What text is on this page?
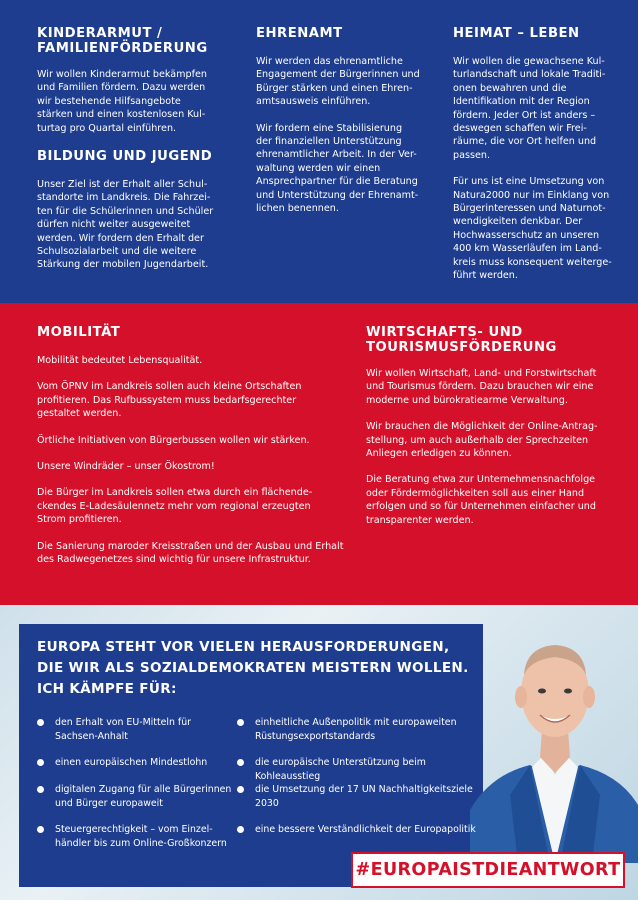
KINDERARMUT /
FAMILIENFÖRDERUNG

Wir wollen Kinderarmut bekämpfen
und Familien fördern. Dazu werden
wir bestehende Hilfsangebote
stärken und einen kostenlosen Kul-
turtag pro Quartal einführen.

BILDUNG UND JUGEND

Unser Ziel ist der Erhalt aller Schul-
standorte im Landkreis. Die Fahrzei-
ten für die Schülerinnen und Schüler
dürfen nicht weiter ausgeweitet
werden. Wir fordern den Erhalt der
Schulsozialarbeit und die weitere
Stärkung der mobilen Jugendarbeit.

EHRENAMT

Wir werden das ehrenamtliche
Engagement der Bürgerinnen und
Bürger stärken und einen Ehren-
amtsausweis einführen.

Wir fordern eine Stabilisierung
der finanziellen Unterstützung
ehrenamtlicher Arbeit. In der Ver-
waltung werden wir einen
Ansprechpartner für die Beratung
und Unterstützung der Ehrenamt-
lichen benennen.

HEIMAT – LEBEN

Wir wollen die gewachsene Kul-
turlandschaft und lokale Traditi-
onen bewahren und die
Identifikation mit der Region
fördern. Jeder Ort ist anders –
deswegen schaffen wir Frei-
räume, die vor Ort helfen und
passen.

Für uns ist eine Umsetzung von
Natura2000 nur im Einklang von
Bürgerinteressen und Naturnot-
wendigkeiten denkbar. Der
Hochwasserschutz an unseren
400 km Wasserläufen im Land-
kreis muss konsequent weiterge-
führt werden.

MOBILITÄT

Mobilität bedeutet Lebensqualität.

Vom ÖPNV im Landkreis sollen auch kleine Ortschaften
profitieren. Das Rufbussystem muss bedarfsgerechter
gestaltet werden.

Örtliche Initiativen von Bürgerbussen wollen wir stärken.

Unsere Windräder – unser Ökostrom!

Die Bürger im Landkreis sollen etwa durch ein flächende-
ckendes E-Ladesäulennetz mehr vom regional erzeugten
Strom profitieren.

Die Sanierung maroder Kreisstraßen und der Ausbau und Erhalt
des Radwegenetzes sind wichtig für unsere Infrastruktur.

WIRTSCHAFTS- UND
TOURISMUSFÖRDERUNG

Wir wollen Wirtschaft, Land- und Forstwirtschaft
und Tourismus fördern. Dazu brauchen wir eine
moderne und bürokratiearme Verwaltung.

Wir brauchen die Möglichkeit der Online-Antrag-
stellung, um auch außerhalb der Sprechzeiten
Anliegen erledigen zu können.

Die Beratung etwa zur Unternehmensnachfolge
oder Fördermöglichkeiten soll aus einer Hand
erfolgen und so für Unternehmen einfacher und
transparenter werden.

EUROPA STEHT VOR VIELEN HERAUSFORDERUNGEN,
DIE WIR ALS SOZIALDEMOKRATEN MEISTERN WOLLEN.
ICH KÄMPFE FÜR:
den Erhalt von EU-Mitteln für
Sachsen-Anhalt
einen europäischen Mindestlohn
digitalen Zugang für alle Bürgerinnen
und Bürger europaweit
Steuergerechtigkeit – vom Einzel-
händler bis zum Online-Großkonzern
einheitliche Außenpolitik mit europaweiten
Rüstungsexportstandards
die europäische Unterstützung beim Kohleausstieg
die Umsetzung der 17 UN Nachhaltigkeitsziele
2030
eine bessere Verständlichkeit der Europapolitik
#EUROPAISTDIEANTWORT
